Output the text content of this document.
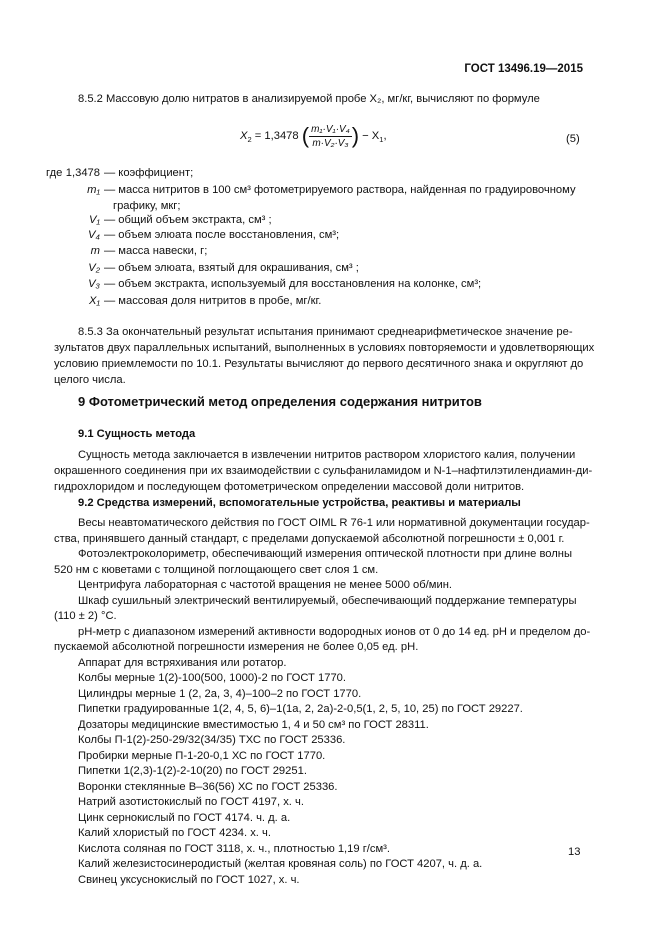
ГОСТ 13496.19—2015
8.5.2 Массовую долю нитратов в анализируемой пробе X₂, мг/кг, вычисляют по формуле
$X_2 = 1,3478$ ( $\frac{\text{m₁·V₁·V₄}}{\text{m·V₂·V₃}}$ ) − $X_1$,	(5)
где 1,3478 — коэффициент;
m₁ — масса нитритов в 100 см³ фотометрируемого раствора, найденная по градуировочному
графику, мкг;
V₁ — общий объем экстракта, см³ ;
V₄ — объем элюата после восстановления, см³;
m — масса навески, г;
V₂ — объем элюата, взятый для окрашивания, см³ ;
V₃ — объем экстракта, используемый для восстановления на колонке, см³;
X₁ — массовая доля нитритов в пробе, мг/кг.
8.5.3 За окончательный результат испытания принимают среднеарифметическое значение ре-
зультатов двух параллельных испытаний, выполненных в условиях повторяемости и удовлетворяющих
условию приемлемости по 10.1. Результаты вычисляют до первого десятичного знака и округляют до
целого числа.
9 Фотометрический метод определения содержания нитритов
9.1 Сущность метода
Сущность метода заключается в извлечении нитритов раствором хлористого калия, получении
окрашенного соединения при их взаимодействии с сульфаниламидом и N-1–нафтилэтилендиамин-ди-
гидрохлоридом и последующем фотометрическом определении массовой доли нитритов.
9.2 Средства измерений, вспомогательные устройства, реактивы и материалы
Весы неавтоматического действия по ГОСТ OIML R 76-1 или нормативной документации государ-
ства, принявшего данный стандарт, с пределами допускаемой абсолютной погрешности ± 0,001 г.
Фотоэлектроколориметр, обеспечивающий измерения оптической плотности при длине волны
520 нм с кюветами с толщиной поглощающего свет слоя 1 см.
Центрифуга лабораторная с частотой вращения не менее 5000 об/мин.
Шкаф сушильный электрический вентилируемый, обеспечивающий поддержание температуры
(110 ± 2) °С.
pH-метр с диапазоном измерений активности водородных ионов от 0 до 14 ед. pH и пределом до-
пускаемой абсолютной погрешности измерения не более 0,05 ед. pH.
Аппарат для встряхивания или ротатор.
Колбы мерные 1(2)-100(500, 1000)-2 по ГОСТ 1770.
Цилиндры мерные 1 (2, 2а, 3, 4)–100–2 по ГОСТ 1770.
Пипетки градуированные 1(2, 4, 5, 6)–1(1а, 2, 2а)-2-0,5(1, 2, 5, 10, 25) по ГОСТ 29227.
Дозаторы медицинские вместимостью 1, 4 и 50 см³ по ГОСТ 28311.
Колбы П-1(2)-250-29/32(34/35) ТХС по ГОСТ 25336.
Пробирки мерные П-1-20-0,1 ХС по ГОСТ 1770.
Пипетки 1(2,3)-1(2)-2-10(20) по ГОСТ 29251.
Воронки стеклянные В–36(56) ХС по ГОСТ 25336.
Натрий азотистокислый по ГОСТ 4197, х. ч.
Цинк сернокислый по ГОСТ 4174. ч. д. а.
Калий хлористый по ГОСТ 4234. х. ч.
Кислота соляная по ГОСТ 3118, х. ч., плотностью 1,19 г/см³.
Калий железистосинеродистый (желтая кровяная соль) по ГОСТ 4207, ч. д. а.
Свинец уксуснокислый по ГОСТ 1027, х. ч.
13
